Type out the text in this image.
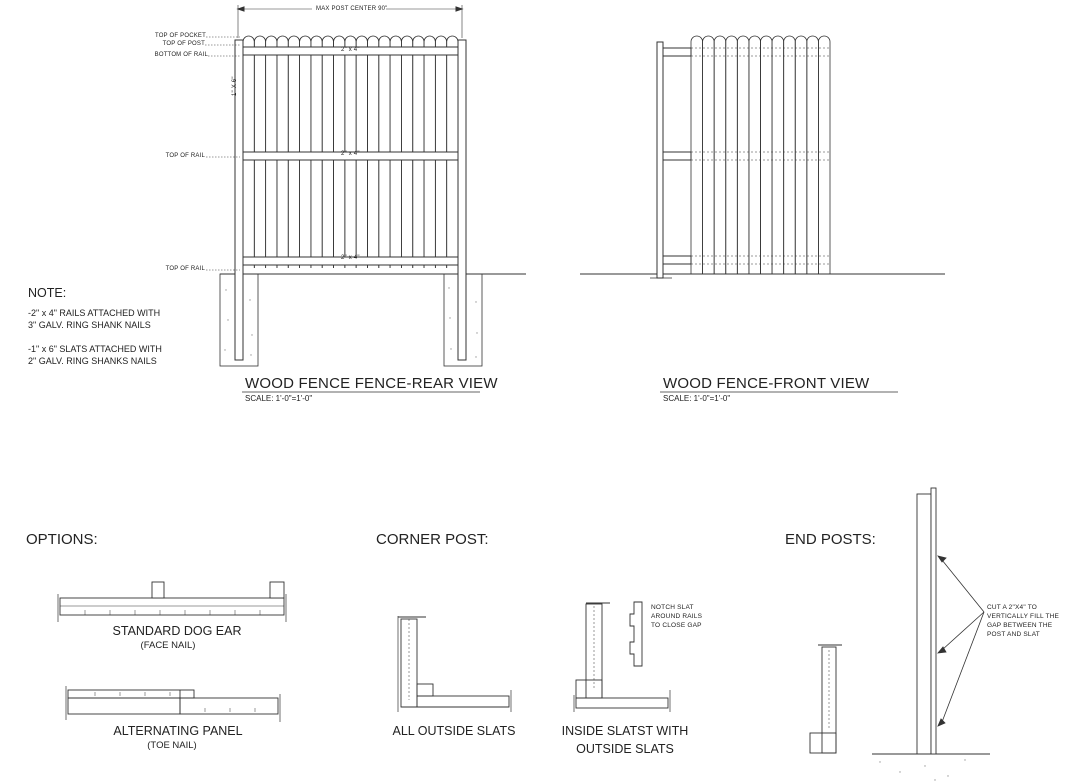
MAX POST CENTER 90"
TOP OF POCKET
TOP OF POST
BOTTOM OF RAIL
TOP OF RAIL
TOP OF RAIL
2" x 4"
2" x 4"
2" x 4"
1" X 6"
NOTE:
-2" x 4" RAILS ATTACHED WITH
3" GALV. RING SHANK NAILS
-1" x 6" SLATS ATTACHED WITH
2" GALV. RING SHANKS NAILS
WOOD FENCE FENCE-REAR VIEW
SCALE: 1'-0"=1'-0"
WOOD FENCE-FRONT VIEW
SCALE: 1'-0"=1'-0"
OPTIONS:
STANDARD DOG EAR
(FACE NAIL)
ALTERNATING PANEL
(TOE NAIL)
CORNER POST:
ALL OUTSIDE SLATS	INSIDE SLATST WITH
OUTSIDE SLATS
NOTCH SLAT
AROUND RAILS
TO CLOSE GAP
END POSTS:
CUT A 2"X4" TO
VERTICALLY FILL THE
GAP BETWEEN THE
POST AND SLAT
